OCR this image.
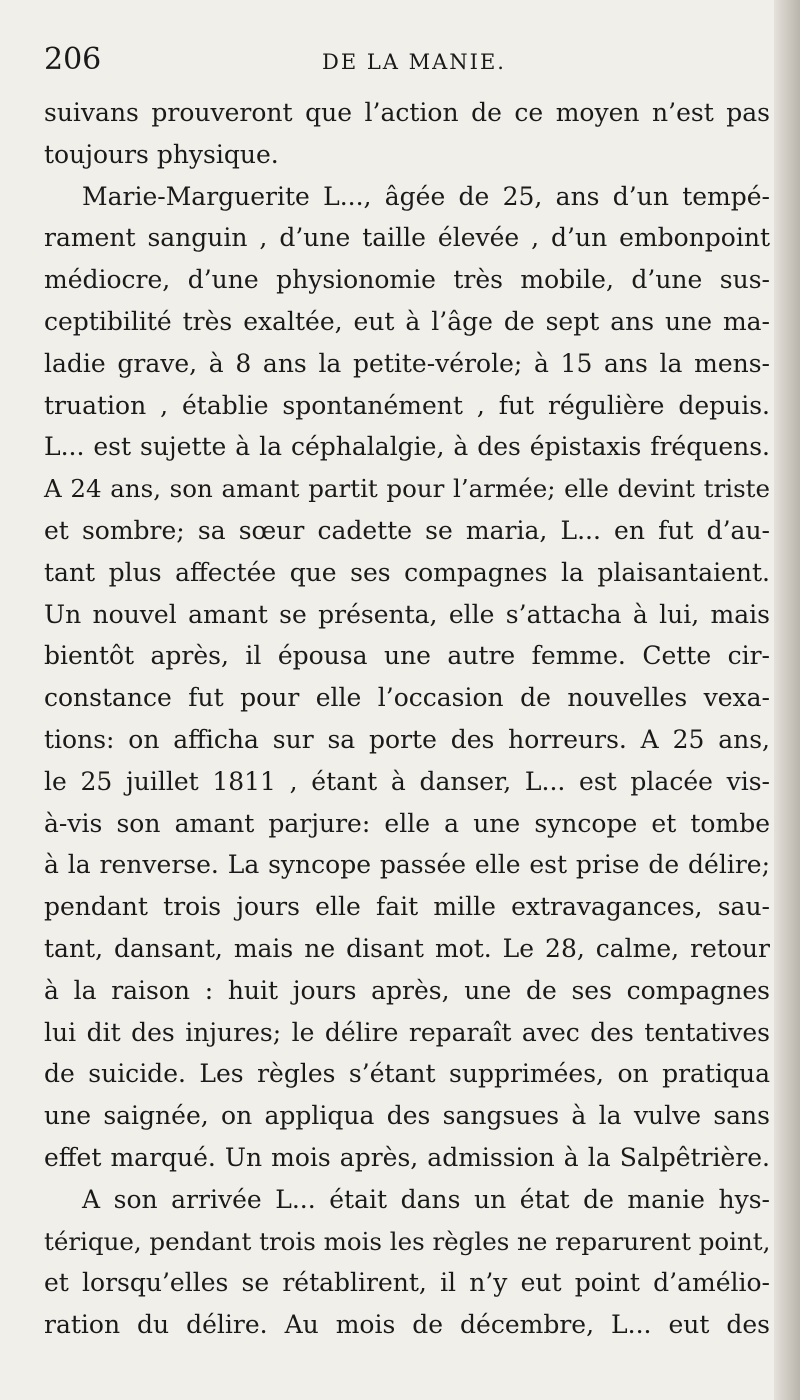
206	DE LA MANIE.
suivans prouveront que l’action de ce moyen n’est pas
toujours physique.
Marie-Marguerite L..., âgée de 25, ans d’un tempé-
rament sanguin , d’une taille élevée , d’un embonpoint
médiocre, d’une physionomie très mobile, d’une sus-
ceptibilité très exaltée, eut à l’âge de sept ans une ma-
ladie grave, à 8 ans la petite-vérole; à 15 ans la mens-
truation , établie spontanément , fut régulière depuis.
L... est sujette à la céphalalgie, à des épistaxis fréquens.
A 24 ans, son amant partit pour l’armée; elle devint triste
et sombre; sa sœur cadette se maria, L... en fut d’au-
tant plus affectée que ses compagnes la plaisantaient.
Un nouvel amant se présenta, elle s’attacha à lui, mais
bientôt après, il épousa une autre femme. Cette cir-
constance fut pour elle l’occasion de nouvelles vexa-
tions: on afficha sur sa porte des horreurs. A 25 ans,
le 25 juillet 1811 , étant à danser, L... est placée vis-
à-vis son amant parjure: elle a une syncope et tombe
à la renverse. La syncope passée elle est prise de délire;
pendant trois jours elle fait mille extravagances, sau-
tant, dansant, mais ne disant mot. Le 28, calme, retour
à la raison : huit jours après, une de ses compagnes
lui dit des injures; le délire reparaît avec des tentatives
de suicide. Les règles s’étant supprimées, on pratiqua
une saignée, on appliqua des sangsues à la vulve sans
effet marqué. Un mois après, admission à la Salpêtrière.
A son arrivée L... était dans un état de manie hys-
térique, pendant trois mois les règles ne reparurent point,
et lorsqu’elles se rétablirent, il n’y eut point d’amélio-
ration du délire. Au mois de décembre, L... eut des
